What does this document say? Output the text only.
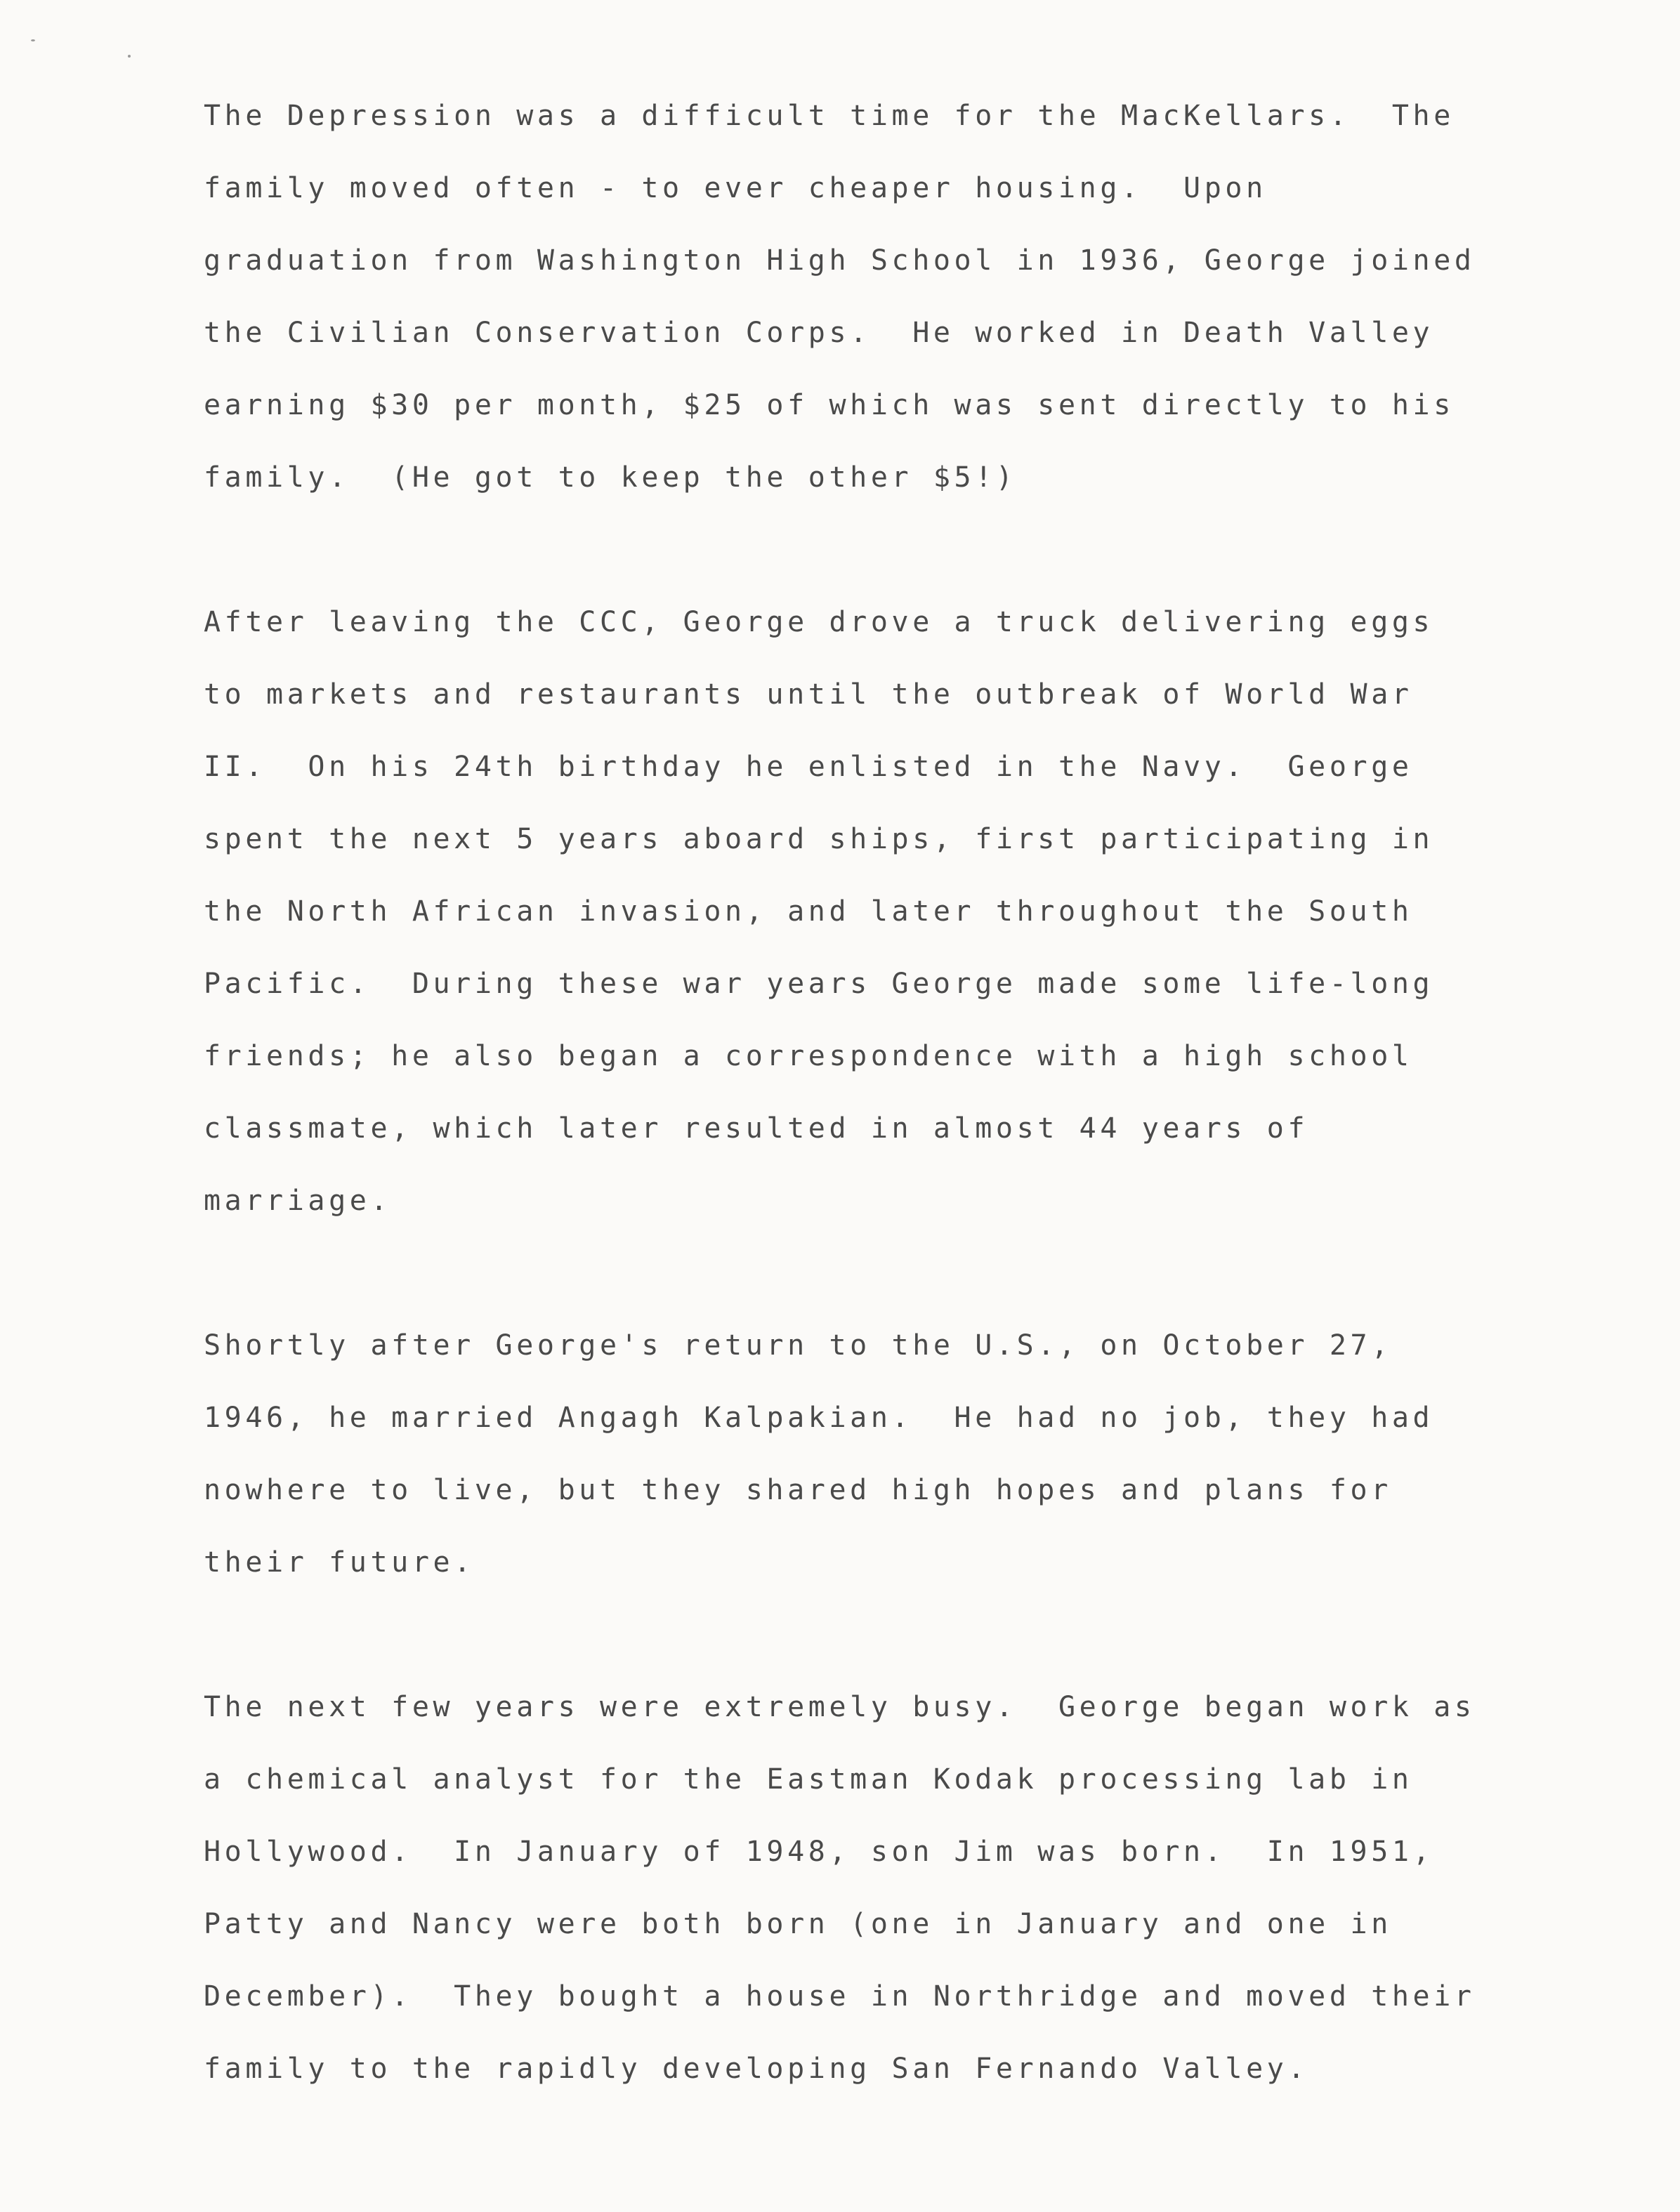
The Depression was a difficult time for the MacKellars.  The
family moved often - to ever cheaper housing.  Upon
graduation from Washington High School in 1936, George joined
the Civilian Conservation Corps.  He worked in Death Valley
earning $30 per month, $25 of which was sent directly to his
family.  (He got to keep the other $5!)
After leaving the CCC, George drove a truck delivering eggs
to markets and restaurants until the outbreak of World War
II.  On his 24th birthday he enlisted in the Navy.  George
spent the next 5 years aboard ships, first participating in
the North African invasion, and later throughout the South
Pacific.  During these war years George made some life-long
friends; he also began a correspondence with a high school
classmate, which later resulted in almost 44 years of
marriage.
Shortly after George's return to the U.S., on October 27,
1946, he married Angagh Kalpakian.  He had no job, they had
nowhere to live, but they shared high hopes and plans for
their future.
The next few years were extremely busy.  George began work as
a chemical analyst for the Eastman Kodak processing lab in
Hollywood.  In January of 1948, son Jim was born.  In 1951,
Patty and Nancy were both born (one in January and one in
December).  They bought a house in Northridge and moved their
family to the rapidly developing San Fernando Valley.
